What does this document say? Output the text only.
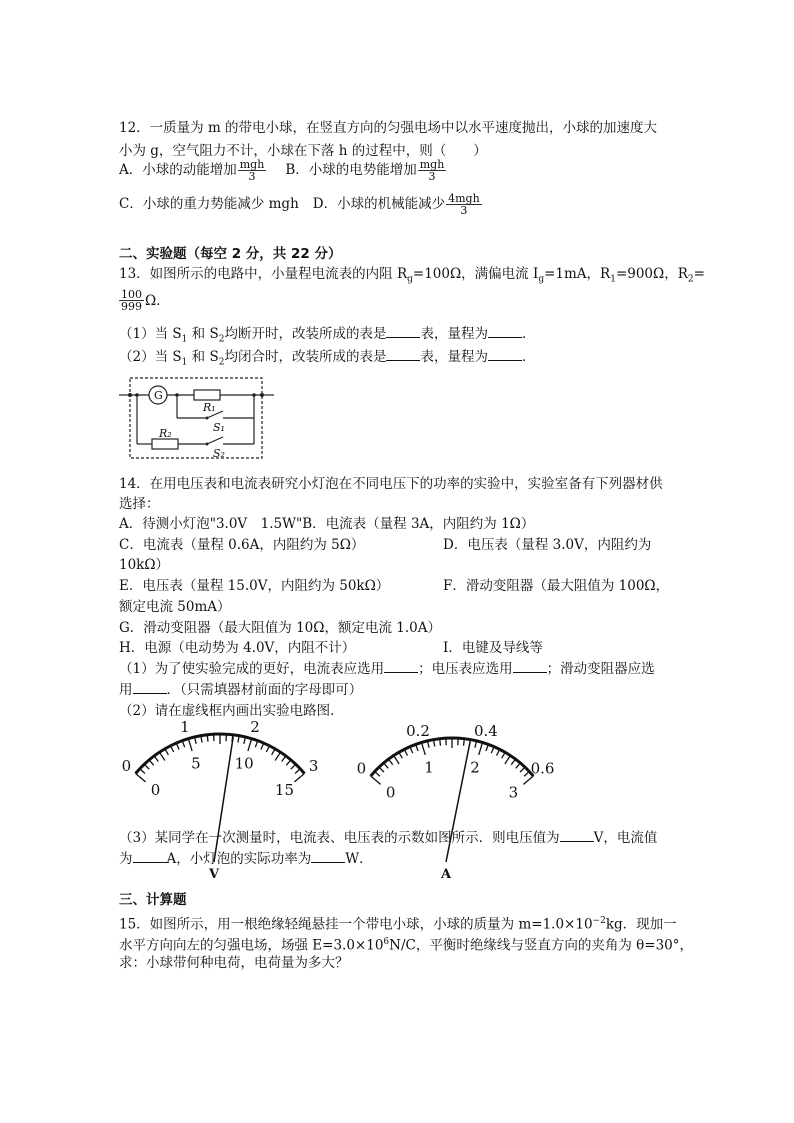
12．一质量为 m 的带电小球，在竖直方向的匀强电场中以水平速度抛出，小球的加速度大
小为 g，空气阻力不计，小球在下落 h 的过程中，则（　　）
A．小球的动能增加 $\frac{\text{mgh}}{3}$ B．小球的电势能增加 $\frac{\text{mgh}}{3}$
C．小球的重力势能减少 mgh D．小球的机械能减少 $\frac{\text{4mgh}}{3}$
二、实验题（每空 2 分，共 22 分）
13．如图所示的电路中，小量程电流表的内阻 $R_g=100\Omega$，满偏电流 $I_g=1mA$，$R_1=900\Omega$，$R_2=$
$\frac{100}{999}$ Ω．
（1）当 $S_1$ 和 $S_2$均断开时，改装所成的表是	表，量程为	．
（2）当 $S_1$ 和 $S_2$均闭合时，改装所成的表是	表，量程为	．
G
R₁
S₁
R₂
S₂
14．在用电压表和电流表研究小灯泡在不同电压下的功率的实验中，实验室备有下列器材供
选择：
A．待测小灯泡"3.0V　1.5W"B．电流表（量程 3A，内阻约为 1Ω）
C．电流表（量程 0.6A，内阻约为 5Ω）	D．电压表（量程 3.0V，内阻约为
10kΩ）
E．电压表（量程 15.0V，内阻约为 50kΩ）	F．滑动变阻器（最大阻值为 100Ω，
额定电流 50mA）
G．滑动变阻器（最大阻值为 10Ω，额定电流 1.0A）
H．电源（电动势为 4.0V，内阻不计）	I．电键及导线等
（1）为了使实验完成的更好，电流表应选用	；电压表应选用	；滑动变阻器应选
用	．（只需填器材前面的字母即可）
（2）请在虚线框内画出实验电路图．
0
1	2
3
0
5 10
15
V
0
0.2	0.4
0.6
0
1 2
3
A
（3）某同学在一次测量时，电流表、电压表的示数如图所示．则电压值为	V，电流值
为	A，小灯泡的实际功率为	W．
三、计算题
15．如图所示，用一根绝缘轻绳悬挂一个带电小球，小球的质量为 $m=1.0\times 10^{-2}kg$．现加一
水平方向向左的匀强电场，场强 $E=3.0\times 10^6N/C$，平衡时绝缘线与竖直方向的夹角为 θ=30°，
求：小球带何种电荷，电荷量为多大？
